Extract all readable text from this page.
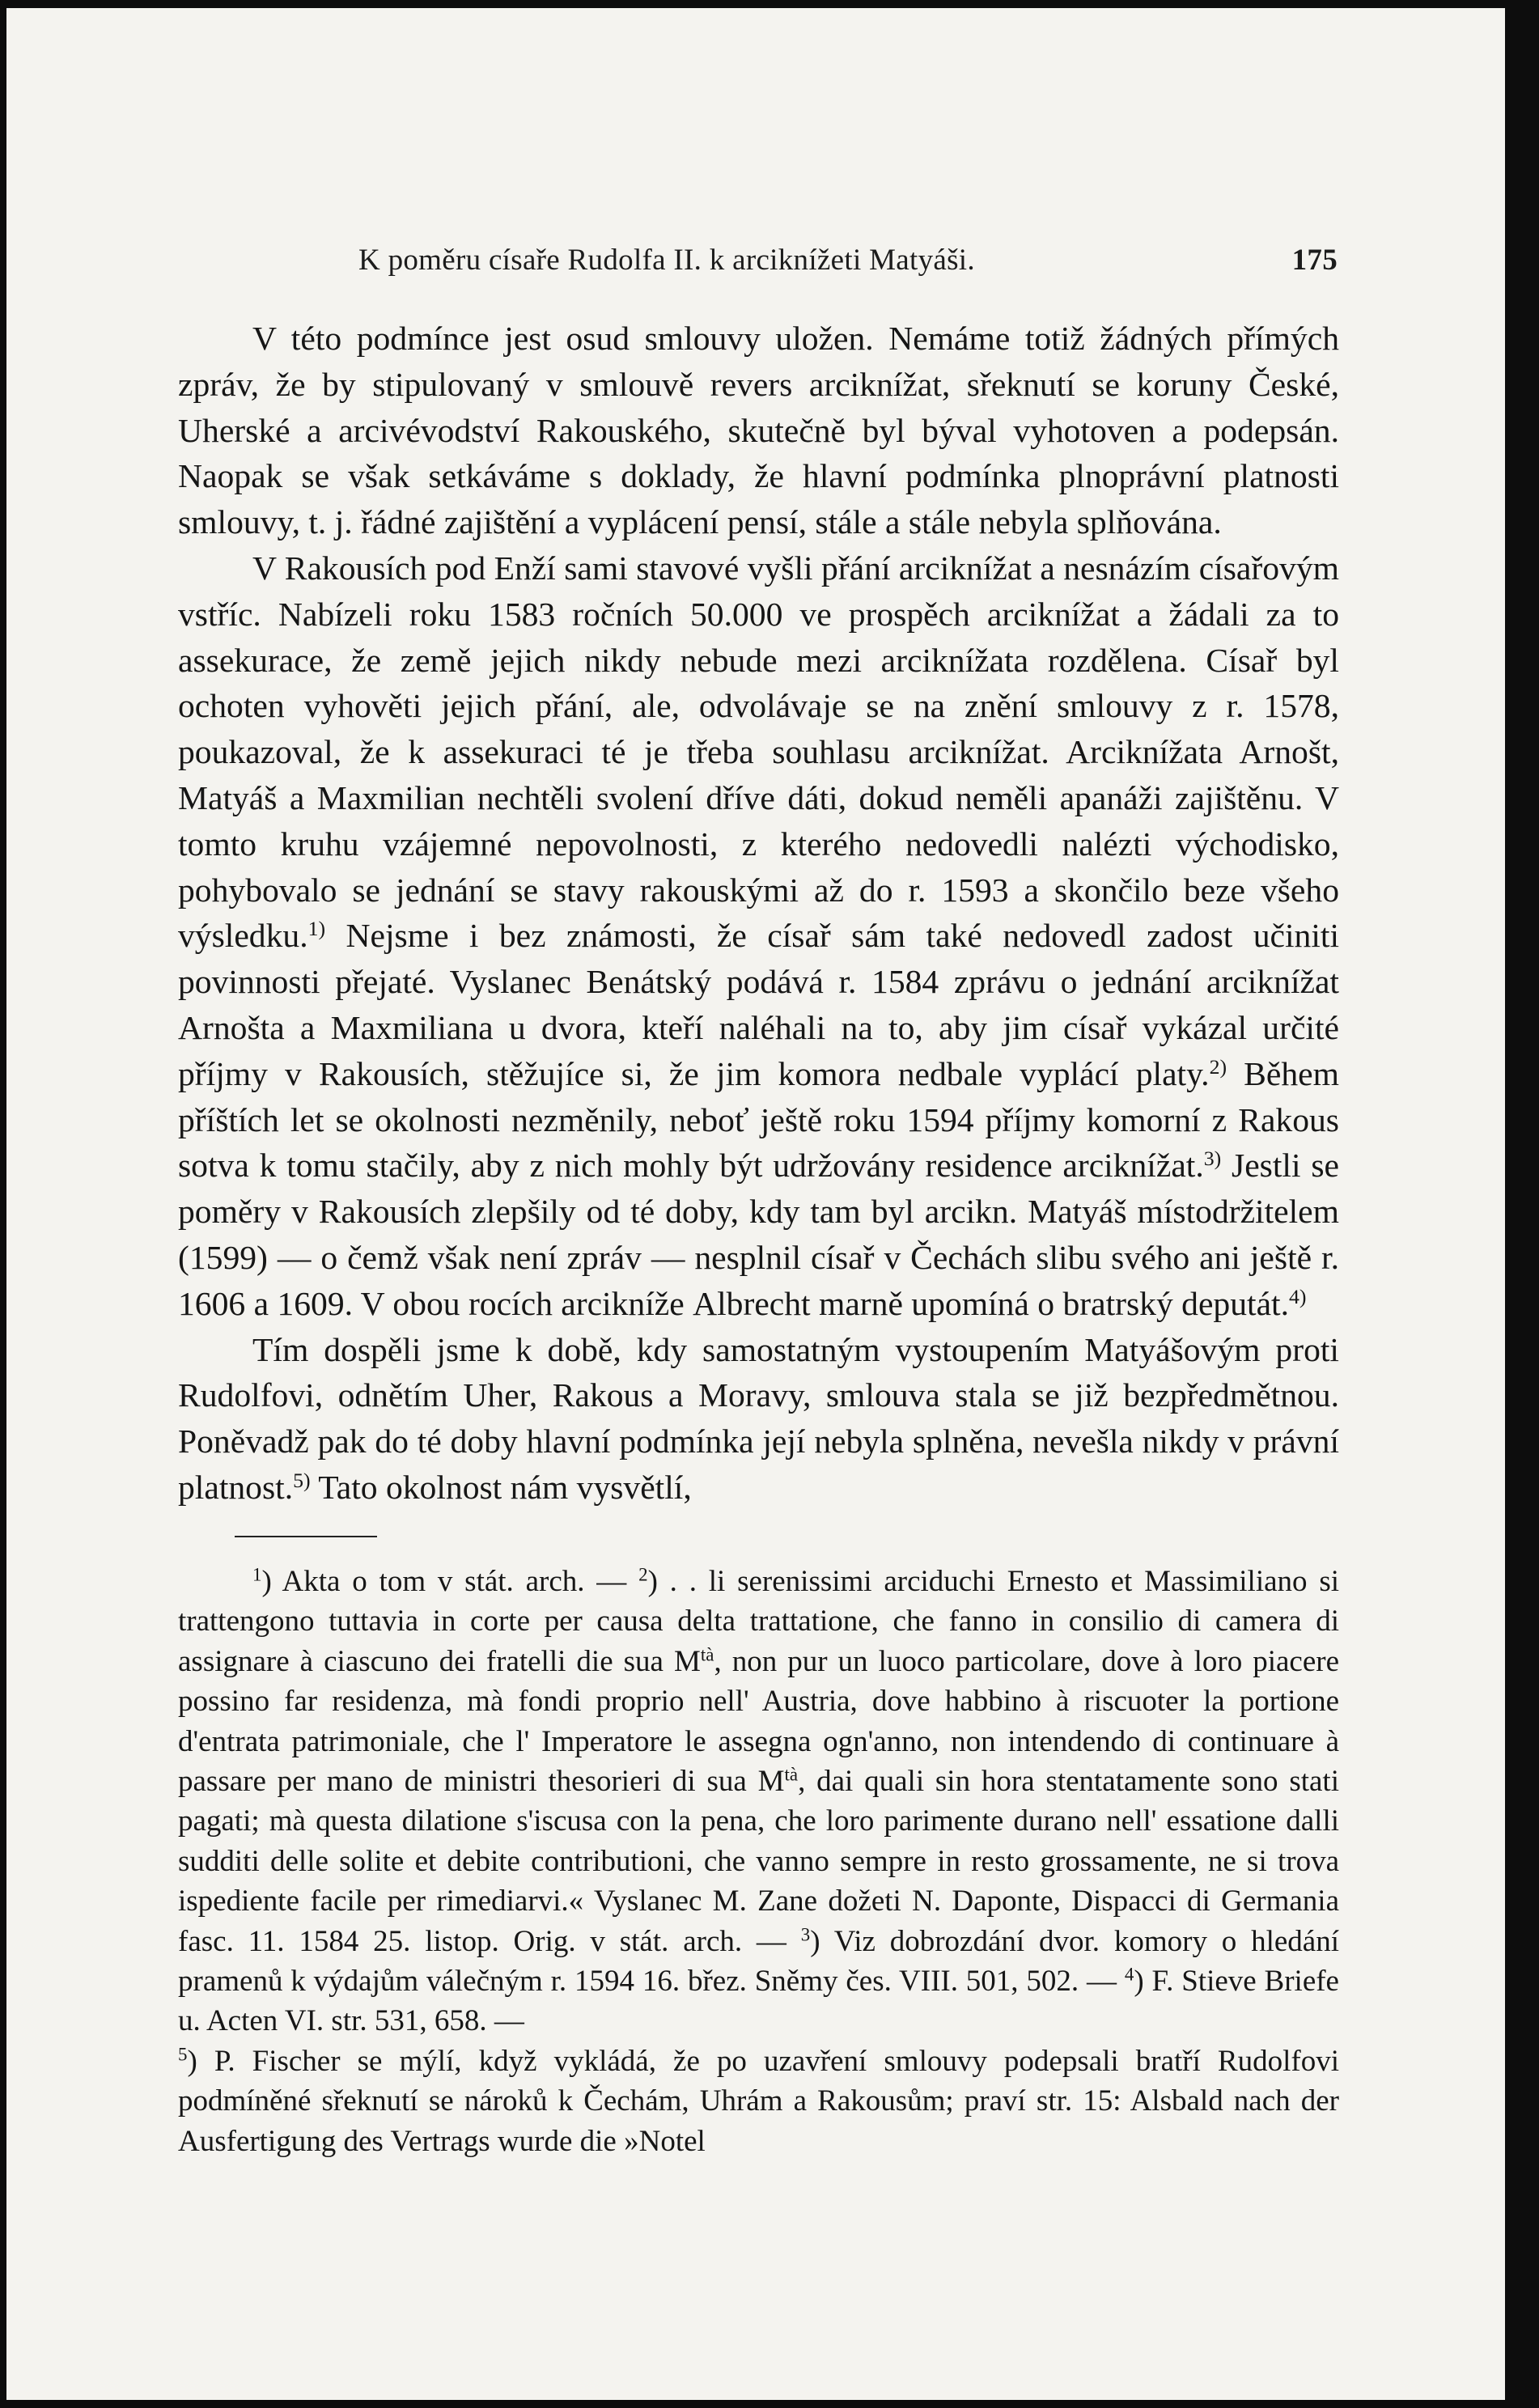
K poměru císaře Rudolfa II. k arciknížeti Matyáši.	175

V této podmínce jest osud smlouvy uložen. Nemáme totiž žádných přímých zpráv, že by stipulovaný v smlouvě revers arciknížat, sřeknutí se koruny České, Uherské a arcivévodství Rakouského, skutečně byl býval vyhotoven a podepsán. Naopak se však setkáváme s doklady, že hlavní podmínka plnoprávní platnosti smlouvy, t. j. řádné zajištění a vyplácení pensí, stále a stále nebyla splňována.

V Rakousích pod Enží sami stavové vyšli přání arciknížat a nesnázím císařovým vstříc. Nabízeli roku 1583 ročních 50.000 ve prospěch arciknížat a žádali za to assekurace, že země jejich nikdy nebude mezi arciknížata rozdělena. Císař byl ochoten vyhověti jejich přání, ale, odvolávaje se na znění smlouvy z r. 1578, poukazoval, že k assekuraci té je třeba souhlasu arciknížat. Arciknížata Arnošt, Matyáš a Maxmilian nechtěli svolení dříve dáti, dokud neměli apanáži zajištěnu. V tomto kruhu vzájemné nepovolnosti, z kterého nedovedli nalézti východisko, pohybovalo se jednání se stavy rakouskými až do r. 1593 a skončilo beze všeho výsledku.$^{1)}$ Nejsme i bez známosti, že císař sám také nedovedl zadost učiniti povinnosti přejaté. Vyslanec Benátský podává r. 1584 zprávu o jednání arciknížat Arnošta a Maxmiliana u dvora, kteří naléhali na to, aby jim císař vykázal určité příjmy v Rakousích, stěžujíce si, že jim komora nedbale vyplácí platy.$^{2)}$ Během příštích let se okolnosti nezměnily, neboť ještě roku 1594 příjmy komorní z Rakous sotva k tomu stačily, aby z nich mohly být udržovány residence arciknížat.$^{3)}$ Jestli se poměry v Rakousích zlepšily od té doby, kdy tam byl arcikn. Matyáš místodržitelem (1599) — o čemž však není zpráv — nesplnil císař v Čechách slibu svého ani ještě r. 1606 a 1609. V obou rocích arciknížе Albrecht marně upomíná o bratrský deputát.$^{4)}$

Tím dospěli jsme k době, kdy samostatným vystoupením Matyášovým proti Rudolfovi, odnětím Uher, Rakous a Moravy, smlouva stala se již bezpředmětnou. Poněvadž pak do té doby hlavní podmínka její nebyla splněna, nevešla nikdy v právní platnost.$^{5)}$ Tato okolnost nám vysvětlí,

$^1$) Akta o tom v stát. arch. — $^2$) . . li serenissimi arciduchi Ernesto et Massimiliano si trattengono tuttavia in corte per causa delta trattatione, che fanno in consilio di camera di assignare à ciascuno dei fratelli die sua $M^{tà}$, non pur un luoco particolare, dove à loro piacere possino far residenza, mà fondi proprio nell' Austria, dove habbino à riscuoter la portione d'entrata patrimoniale, che l' Imperatore le assegna ogn'anno, non intendendo di continuare à passare per mano de ministri thesorieri di sua $M^{tà}$, dai quali sin hora stentatamente sono stati pagati; mà questa dilatione s'iscusa con la pena, che loro parimente durano nell' essatione dalli sudditi delle solite et debite contributioni, che vanno sempre in resto grossamente, ne si trova ispediente facile per rimediarvi.« Vyslanec M. Zane dožeti N. Daponte, Dispacci di Germania fasc. 11. 1584 25. listop. Orig. v stát. arch. — $^3$) Viz dobrozdání dvor. komory o hledání pramenů k výdajům válečným r. 1594 16. břez. Sněmy čes. VIII. 501, 502. — $^4$) F. Stieve Briefe u. Acten VI. str. 531, 658. —

$^5$) P. Fischer se mýlí, když vykládá, že po uzavření smlouvy podepsali bratří Rudolfovi podmíněné sřeknutí se nároků k Čechám, Uhrám a Rakousům; praví str. 15: Alsbald nach der Ausfertigung des Vertrags wurde die »Notel
